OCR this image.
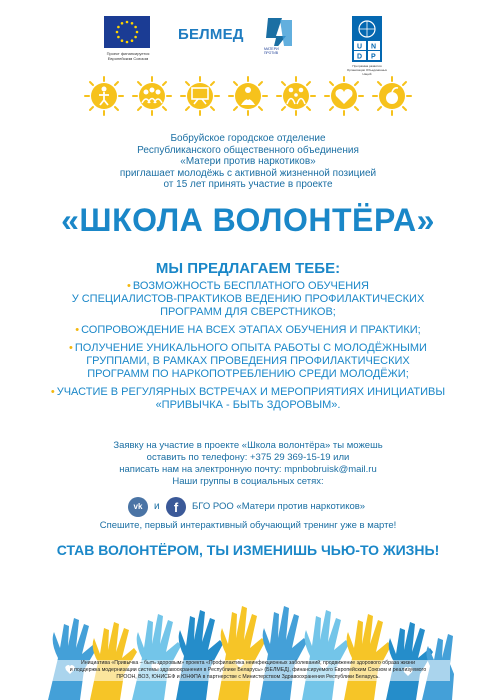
Проект финансируется Европейским Союзом
БЕЛМЕД
МАТЕРИ
ПРОТИВ
U N
D P
Программа развития Организации Объединённых Наций
Бобруйское городское отделение
Республиканского общественного объединения
«Матери против наркотиков»
приглашает молодёжь с активной жизненной позицией
от 15 лет принять участие в проекте
«ШКОЛА ВОЛОНТЁРА»
МЫ ПРЕДЛАГАЕМ ТЕБЕ:
• ВОЗМОЖНОСТЬ БЕСПЛАТНОГО ОБУЧЕНИЯ
У СПЕЦИАЛИСТОВ-ПРАКТИКОВ ВЕДЕНИЮ ПРОФИЛАКТИЧЕСКИХ
ПРОГРАММ ДЛЯ СВЕРСТНИКОВ;
• СОПРОВОЖДЕНИЕ НА ВСЕХ ЭТАПАХ ОБУЧЕНИЯ И ПРАКТИКИ;
• ПОЛУЧЕНИЕ УНИКАЛЬНОГО ОПЫТА РАБОТЫ С МОЛОДЁЖНЫМИ
ГРУППАМИ, В РАМКАХ ПРОВЕДЕНИЯ ПРОФИЛАКТИЧЕСКИХ
ПРОГРАММ ПО НАРКОПОТРЕБЛЕНИЮ СРЕДИ МОЛОДЁЖИ;
• УЧАСТИЕ В РЕГУЛЯРНЫХ ВСТРЕЧАХ И МЕРОПРИЯТИЯХ ИНИЦИАТИВЫ
«ПРИВЫЧКА - БЫТЬ ЗДОРОВЫМ».
Заявку на участие в проекте «Школа волонтёра» ты можешь
оставить по телефону: +375 29 369-15-19 или
написать нам на электронную почту: mpnbobruisk@mail.ru
Наши группы в социальных сетях:
vk	и	f	БГО РОО «Матери против наркотиков»
Спешите, первый интерактивный обучающий тренинг уже в марте!
СТАВ ВОЛОНТЁРОМ, ТЫ ИЗМЕНИШЬ ЧЬЮ-ТО ЖИЗНЬ!
Инициатива «Привычка – быть здоровым» проекта «Профилактика неинфекционных заболеваний, продвижение здорового образа жизни
и поддержка модернизации системы здравоохранения в Республике Беларусь» (БЕЛМЕД), финансируемого Европейским Союзом и реализуемого
ПРООН, ВОЗ, ЮНИСЕФ и ЮНФПА в партнерстве с Министерством Здравоохранения Республики Беларусь.
